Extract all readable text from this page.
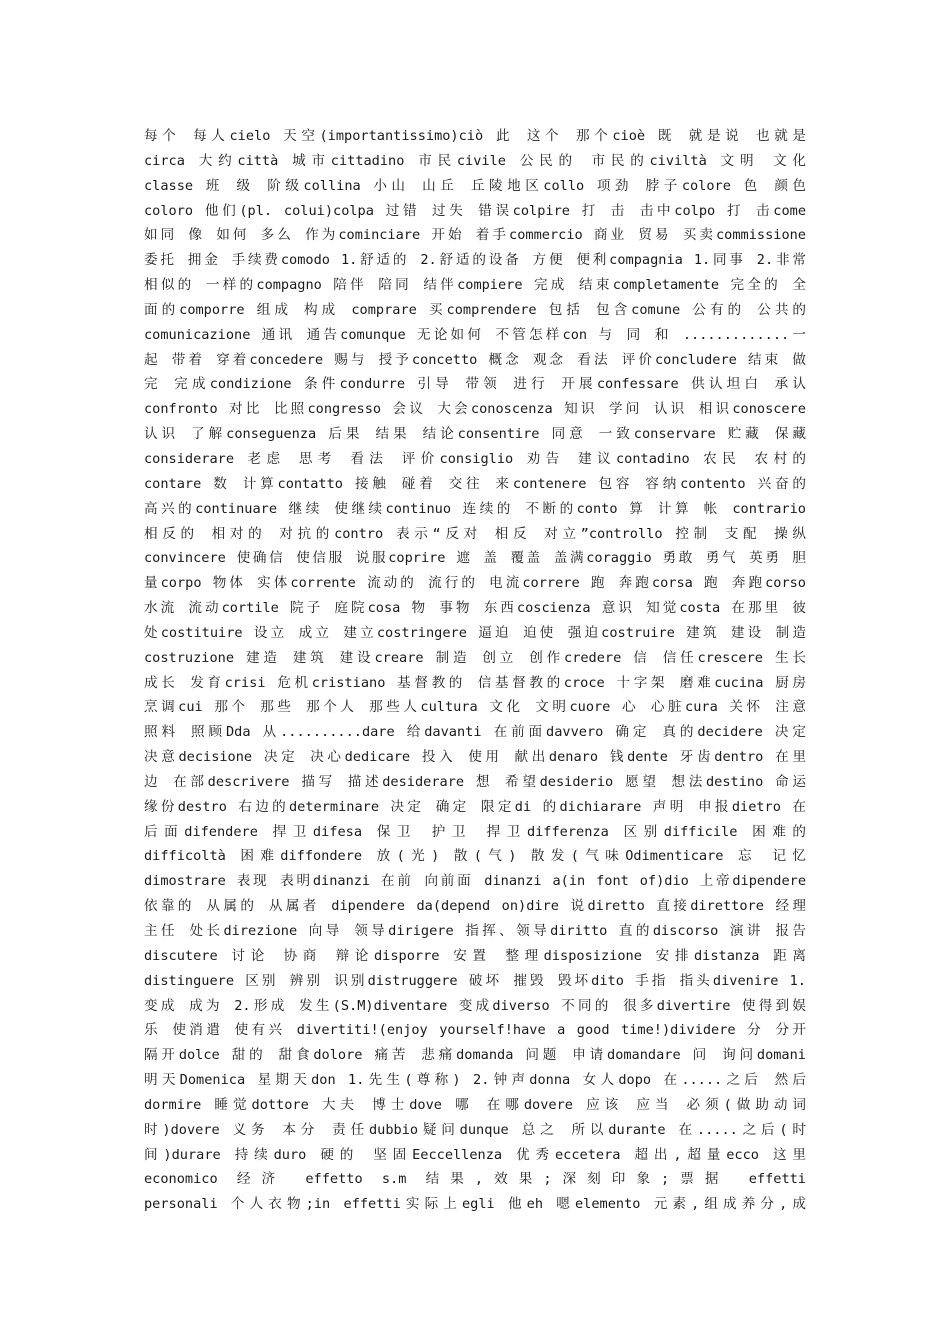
每个 每人cielo 天空(importantissimo)ciò 此 这个 那个cioè 既 就是说 也就是
circa 大约città 城市cittadino 市民civile 公民的 市民的civiltà 文明 文化
classe 班 级 阶级collina 小山 山丘 丘陵地区collo 项劲 脖子colore 色 颜色
coloro 他们(pl. colui)colpa 过错 过失 错误colpire 打 击 击中colpo 打 击come
如同 像 如何 多么 作为cominciare 开始 着手commercio 商业 贸易 买卖commissione
委托 拥金 手续费comodo 1.舒适的 2.舒适的设备 方便 便利compagnia 1.同事 2.非常
相似的 一样的compagno 陪伴 陪同 结伴compiere 完成 结束completamente 完全的 全
面的comporre 组成 构成 comprare 买comprendere 包括 包含comune 公有的 公共的
comunicazione 通讯 通告comunque 无论如何 不管怎样con 与 同 和 .............一
起 带着 穿着concedere 赐与 授予concetto 概念 观念 看法 评价concludere 结束 做
完 完成condizione 条件condurre 引导 带领 进行 开展confessare 供认坦白 承认
confronto 对比 比照congresso 会议 大会conoscenza 知识 学问 认识 相识conoscere
认识 了解conseguenza 后果 结果 结论consentire 同意 一致conservare 贮藏 保藏
considerare 老虑 思考 看法 评价consiglio 劝告 建议contadino 农民 农村的
contare 数 计算contatto 接触 碰着 交往 来contenere 包容 容纳contento 兴奋的
高兴的continuare 继续 使继续continuo 连续的 不断的conto 算 计算 帐 contrario
相反的 相对的 对抗的contro 表示“反对 相反 对立”controllo 控制 支配 操纵
convincere 使确信 使信服 说服coprire 遮 盖 覆盖 盖满coraggio 勇敢 勇气 英勇 胆
量corpo 物体 实体corrente 流动的 流行的 电流correre 跑 奔跑corsa 跑 奔跑corso
水流 流动cortile 院子 庭院cosa 物 事物 东西coscienza 意识 知觉costa 在那里 彼
处costituire 设立 成立 建立costringere 逼迫 迫使 强迫costruire 建筑 建设 制造
costruzione 建造 建筑 建设creare 制造 创立 创作credere 信 信任crescere 生长
成长 发育crisi 危机cristiano 基督教的 信基督教的croce 十字架 磨难cucina 厨房
烹调cui 那个 那些 那个人 那些人cultura 文化 文明cuore 心 心脏cura 关怀 注意
照料 照顾Dda 从..........dare 给davanti 在前面davvero 确定 真的decidere 决定
决意decisione 决定 决心dedicare 投入 使用 献出denaro 钱dente 牙齿dentro 在里
边 在部descrivere 描写 描述desiderare 想 希望desiderio 愿望 想法destino 命运
缘份destro 右边的determinare 决定 确定 限定di 的dichiarare 声明 申报dietro 在
后面difendere 捍卫difesa 保卫 护卫 捍卫differenza 区别difficile 困难的
difficoltà 困难diffondere 放(光) 散(气) 散发(气味Odimenticare 忘 记忆
dimostrare 表现 表明dinanzi 在前 向前面 dinanzi a(in font of)dio 上帝dipendere
依靠的 从属的 从属者 dipendere da(depend on)dire 说diretto 直接direttore 经理
主任 处长direzione 向导 领导dirigere 指挥、领导diritto 直的discorso 演讲 报告
discutere 讨论 协商 辩论disporre 安置 整理disposizione 安排distanza 距离
distinguere 区别 辨别 识别distruggere 破坏 摧毁 毁坏dito 手指 指头divenire 1.
变成 成为 2.形成 发生(S.M)diventare 变成diverso 不同的 很多divertire 使得到娱
乐 使消遣 使有兴 divertiti!(enjoy yourself!have a good time!)dividere 分 分开
隔开dolce 甜的 甜食dolore 痛苦 悲痛domanda 问题 申请domandare 问 询问domani
明天Domenica 星期天don 1.先生(尊称) 2.钟声donna 女人dopo 在.....之后 然后
dormire 睡觉dottore 大夫 博士dove 哪 在哪dovere 应该 应当 必须(做助动词
时)dovere 义务 本分 责任dubbio疑问dunque 总之 所以durante 在.....之后(时
间)durare 持续duro 硬的 坚固Eeccellenza 优秀eccetera 超出,超量ecco 这里
economico 经济 effetto s.m 结果,效果;深刻印象;票据 effetti
personali 个人衣物;in effetti实际上egli 他eh 嗯elemento 元素,组成养分,成
